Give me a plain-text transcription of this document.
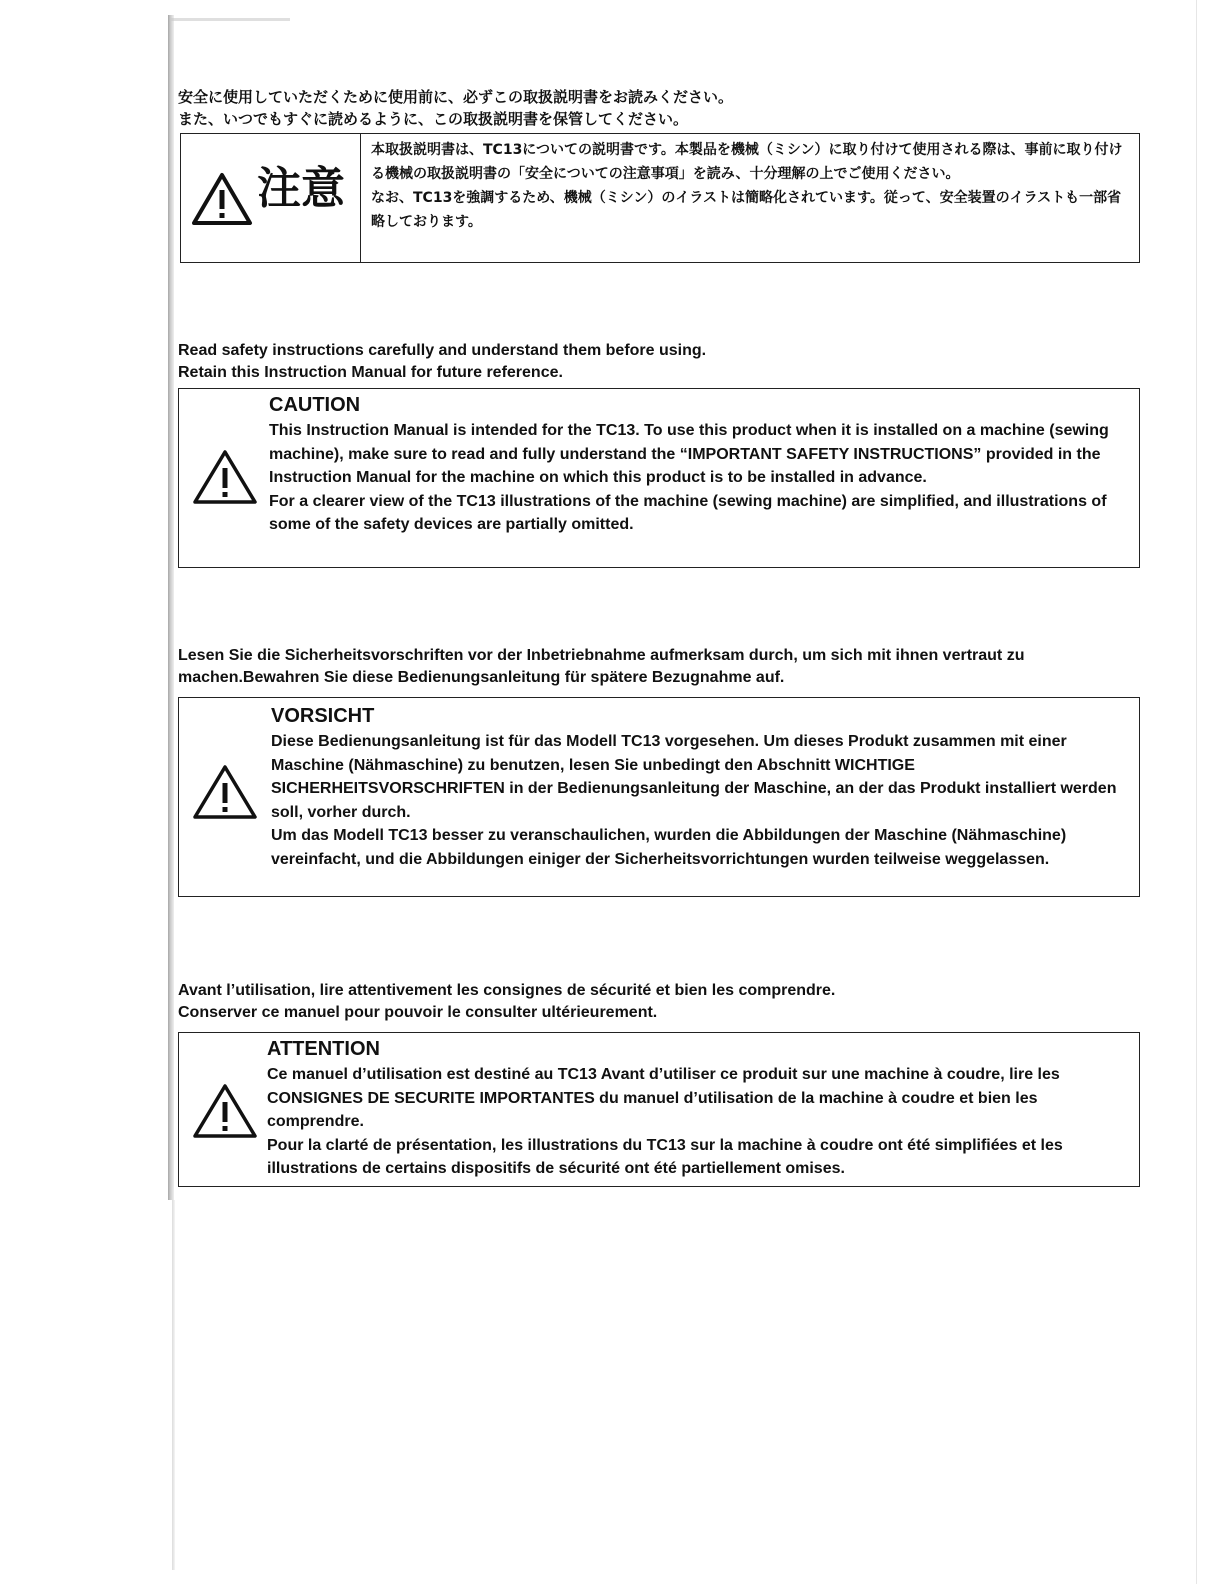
安全に使用していただくために使用前に、必ずこの取扱説明書をお読みください。
また、いつでもすぐに読めるように、この取扱説明書を保管してください。
注意

本取扱説明書は、TC13についての説明書です。本製品を機械（ミシン）に取り付けて使用される際は、事前に取り付ける機械の取扱説明書の「安全についての注意事項」を読み、十分理解の上でご使用ください。

なお、TC13を強調するため、機械（ミシン）のイラストは簡略化されています。従って、安全装置のイラストも一部省略しております。

Read safety instructions carefully and understand them before using.
Retain this Instruction Manual for future reference.
CAUTION

This Instruction Manual is intended for the TC13. To use this product when it is installed on a machine (sewing machine), make sure to read and fully understand the “IMPORTANT SAFETY INSTRUCTIONS” provided in the Instruction Manual for the machine on which this product is to be installed in advance.

For a clearer view of the TC13 illustrations of the machine (sewing machine) are simplified, and illustrations of some of the safety devices are partially omitted.

Lesen Sie die Sicherheitsvorschriften vor der Inbetriebnahme aufmerksam durch, um sich mit ihnen vertraut zu machen.Bewahren Sie diese Bedienungsanleitung für spätere Bezugnahme auf.
VORSICHT

Diese Bedienungsanleitung ist für das Modell TC13 vorgesehen. Um dieses Produkt zusammen mit einer Maschine (Nähmaschine) zu benutzen, lesen Sie unbedingt den Abschnitt WICHTIGE SICHERHEITSVORSCHRIFTEN in der Bedienungsanleitung der Maschine, an der das Produkt installiert werden soll, vorher durch.

Um das Modell TC13 besser zu veranschaulichen, wurden die Abbildungen der Maschine (Nähmaschine) vereinfacht, und die Abbildungen einiger der Sicherheitsvorrichtungen wurden teilweise weggelassen.

Avant l’utilisation, lire attentivement les consignes de sécurité et bien les comprendre.
Conserver ce manuel pour pouvoir le consulter ultérieurement.
ATTENTION

Ce manuel d’utilisation est destiné au TC13 Avant d’utiliser ce produit sur une machine à coudre, lire les CONSIGNES DE SECURITE IMPORTANTES du manuel d’utilisation de la machine à coudre et bien les comprendre.

Pour la clarté de présentation, les illustrations du TC13 sur la machine à coudre ont été simplifiées et les illustrations de certains dispositifs de sécurité ont été partiellement omises.
